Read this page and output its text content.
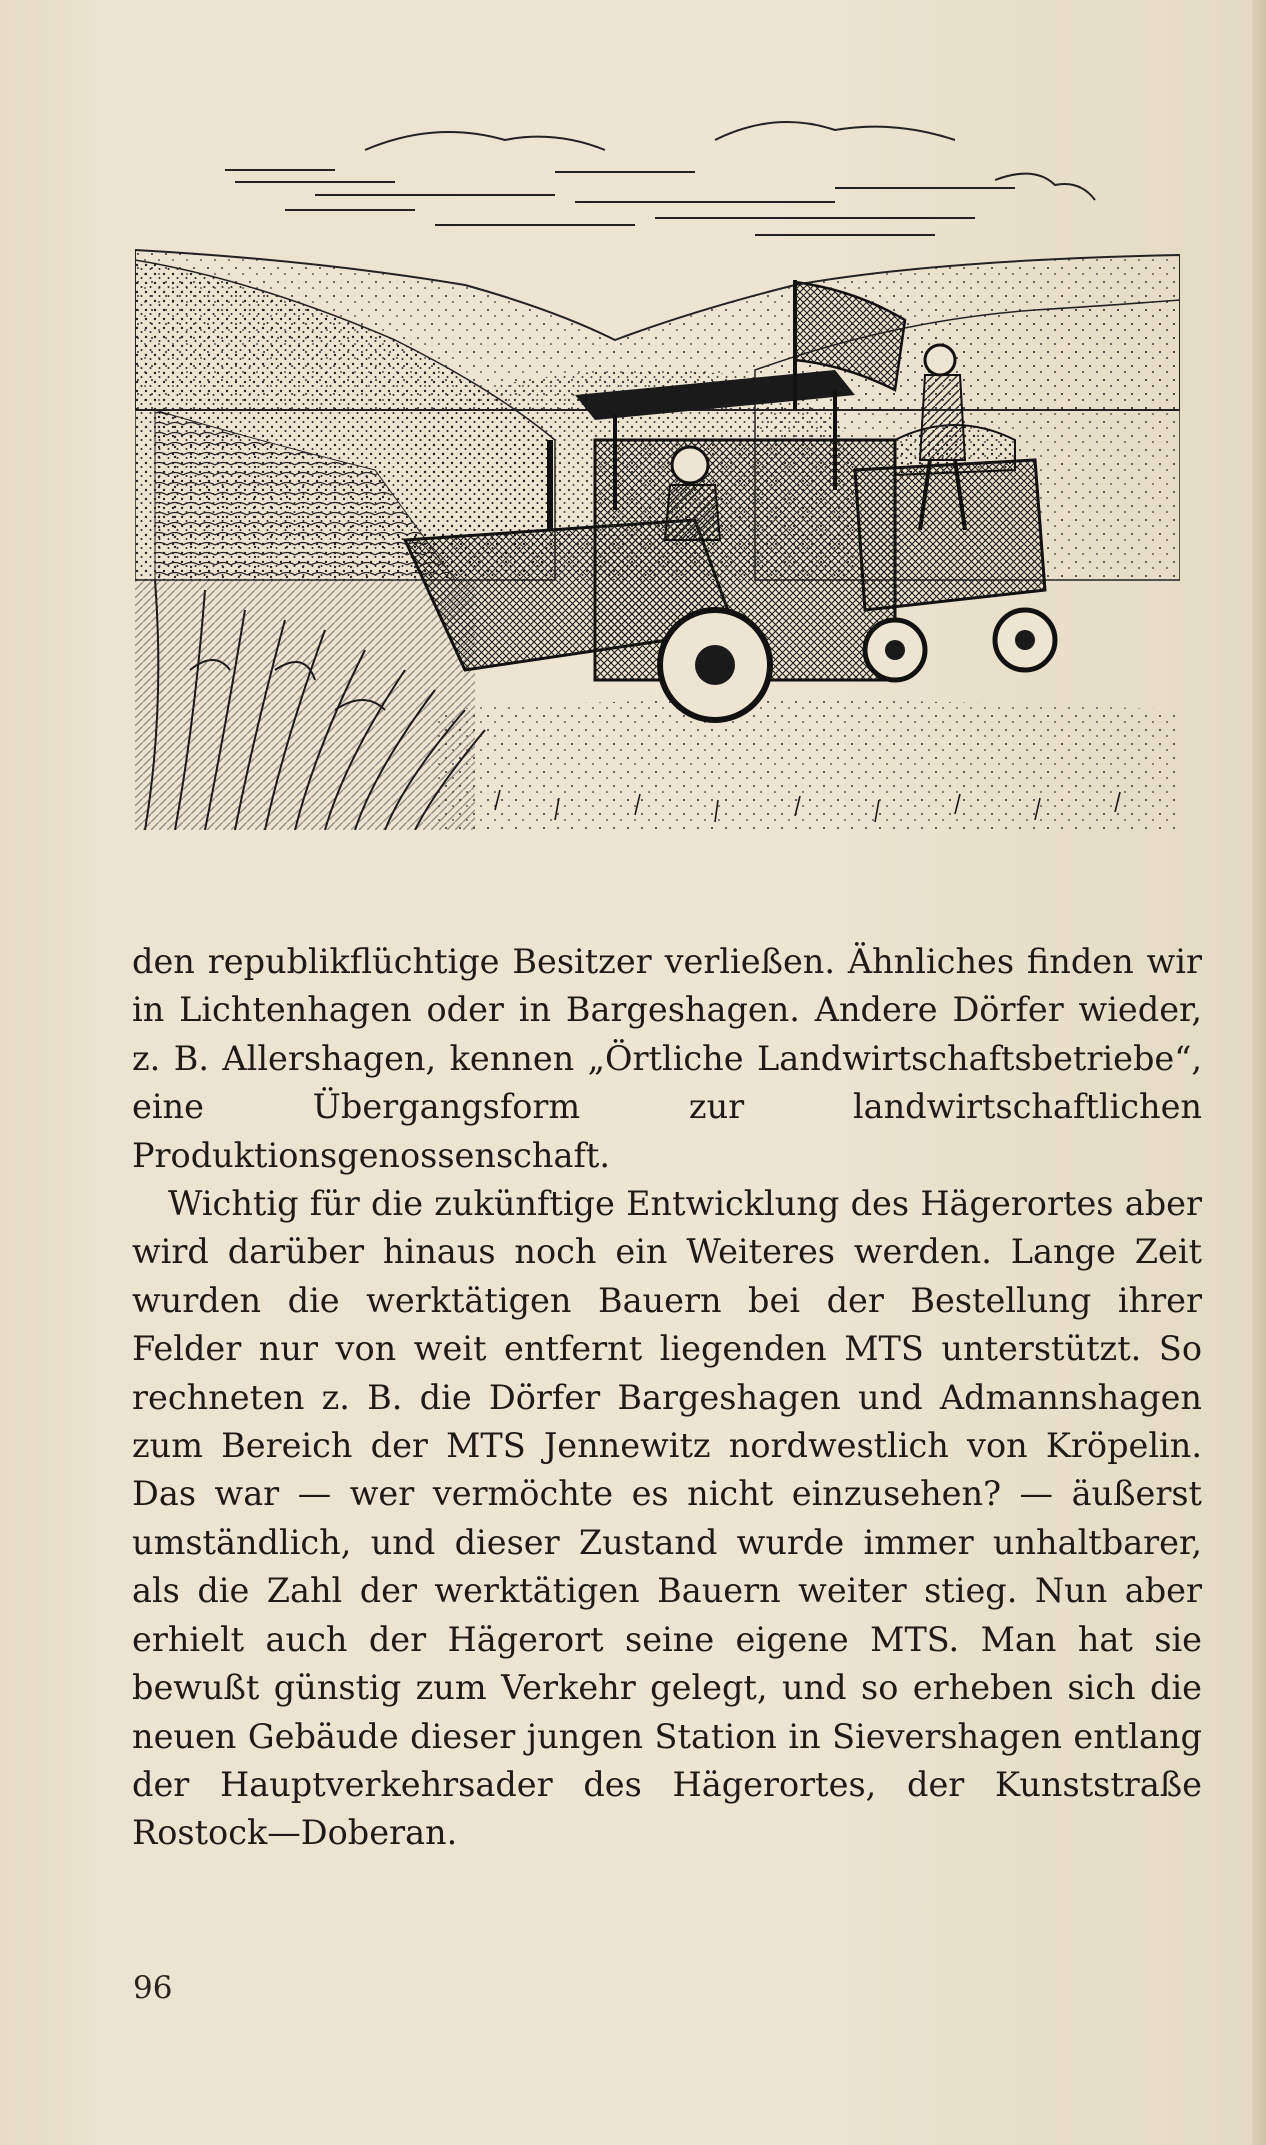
den republikflüchtige Besitzer verließen. Ähnliches finden wir in Lichtenhagen oder in Bargeshagen. Andere Dörfer wieder, z. B. Allershagen, kennen „Örtliche Landwirtschaftsbetriebe“, eine Übergangsform zur landwirtschaftlichen Produktionsgenossenschaft.

Wichtig für die zukünftige Entwicklung des Hägerortes aber wird darüber hinaus noch ein Weiteres werden. Lange Zeit wurden die werktätigen Bauern bei der Bestellung ihrer Felder nur von weit entfernt liegenden MTS unterstützt. So rechneten z. B. die Dörfer Bargeshagen und Admannshagen zum Bereich der MTS Jennewitz nordwestlich von Kröpelin. Das war — wer vermöchte es nicht einzusehen? — äußerst umständlich, und dieser Zustand wurde immer unhaltbarer, als die Zahl der werktätigen Bauern weiter stieg. Nun aber erhielt auch der Hägerort seine eigene MTS. Man hat sie bewußt günstig zum Verkehr gelegt, und so erheben sich die neuen Gebäude dieser jungen Station in Sievershagen entlang der Hauptverkehrsader des Hägerortes, der Kunststraße Rostock—Doberan.

96
